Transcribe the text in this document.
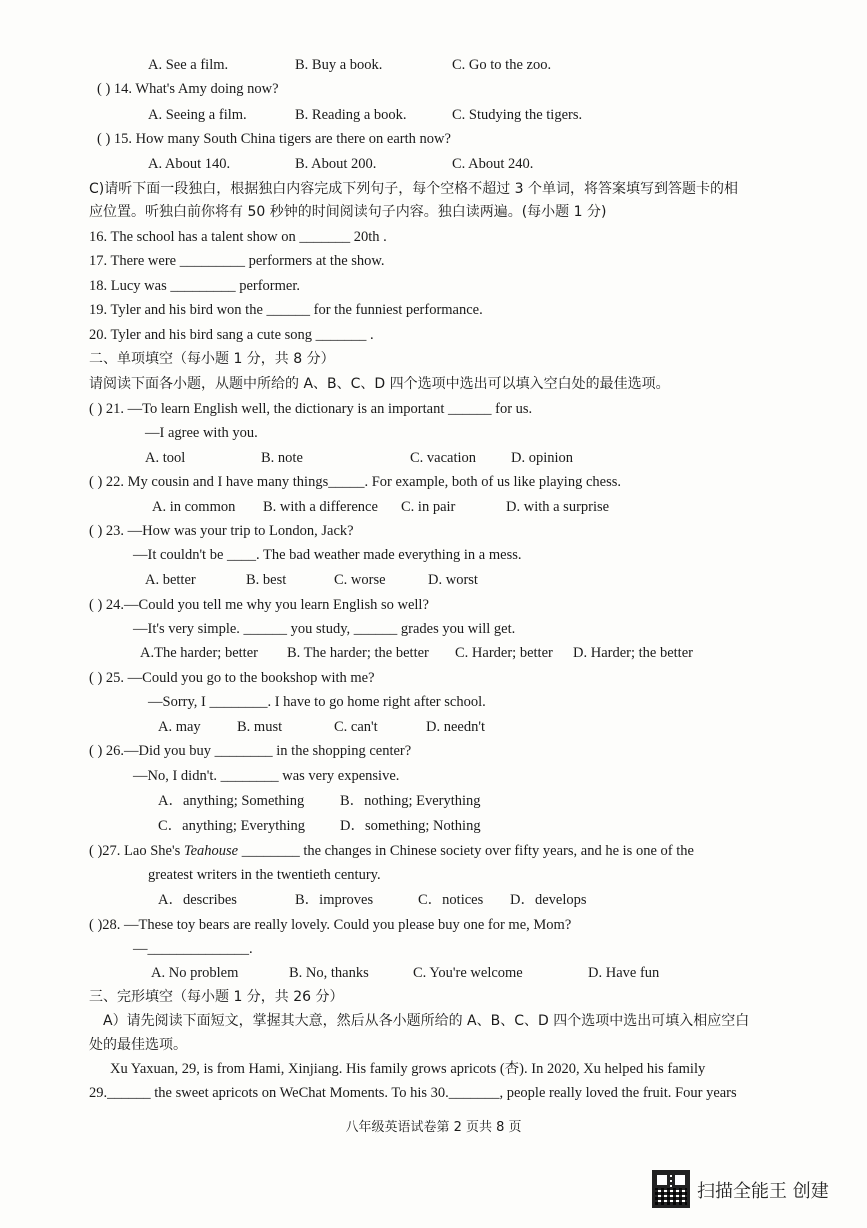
A. See a film.	B. Buy a book.	C. Go to the zoo.
( ) 14. What's Amy doing now?
A. Seeing a film.	B. Reading a book.	C. Studying the tigers.
( ) 15. How many South China tigers are there on earth now?
A. About 140.	B. About 200.	C. About 240.
C)请听下面一段独白，根据独白内容完成下列句子，每个空格不超过 3 个单词，将答案填写到答题卡的相
应位置。听独白前你将有 50 秒钟的时间阅读句子内容。独白读两遍。(每小题 1 分)
16. The school has a talent show on _______ 20th .
17. There were _________ performers at the show.
18. Lucy was _________ performer.
19. Tyler and his bird won the ______ for the funniest performance.
20. Tyler and his bird sang a cute song _______ .
二、单项填空（每小题 1 分，共 8 分）
请阅读下面各小题，从题中所给的 A、B、C、D 四个选项中选出可以填入空白处的最佳选项。
( ) 21. —To learn English well, the dictionary is an important ______ for us.
—I agree with you.
A. tool	B. note	C. vacation D. opinion
( ) 22. My cousin and I have many things_____. For example, both of us like playing chess.
A. in common B. with a difference C. in pair	D. with a surprise
( ) 23. —How was your trip to London, Jack?
—It couldn't be ____. The bad weather made everything in a mess.
A. better	B. best	C. worse	D. worst
( ) 24.—Could you tell me why you learn English so well?
—It's very simple. ______ you study, ______ grades you will get.
A.The harder; better B. The harder; the better C. Harder; better D. Harder; the better
( ) 25. —Could you go to the bookshop with me?
—Sorry, I ________. I have to go home right after school.
A. may	B. must	C. can't	D. needn't
( ) 26.—Did you buy ________ in the shopping center?
—No, I didn't. ________ was very expensive.
A．anything; Something B．nothing; Everything
C．anything; Everything D．something; Nothing
( )27. Lao She's Teahouse ________ the changes in Chinese society over fifty years, and he is one of the
greatest writers in the twentieth century.
A．describes	B．improves	C．notices D．develops
( )28. —These toy bears are really lovely. Could you please buy one for me, Mom?
—______________.
A. No problem	B. No, thanks	C. You're welcome	D. Have fun
三、完形填空（每小题 1 分，共 26 分）
A）请先阅读下面短文，掌握其大意，然后从各小题所给的 A、B、C、D 四个选项中选出可填入相应空白
处的最佳选项。
Xu Yaxuan, 29, is from Hami, Xinjiang. His family grows apricots (杏). In 2020, Xu helped his family
29.______ the sweet apricots on WeChat Moments. To his 30._______, people really loved the fruit. Four years
八年级英语试卷第 2 页共 8 页
扫描全能王 创建
